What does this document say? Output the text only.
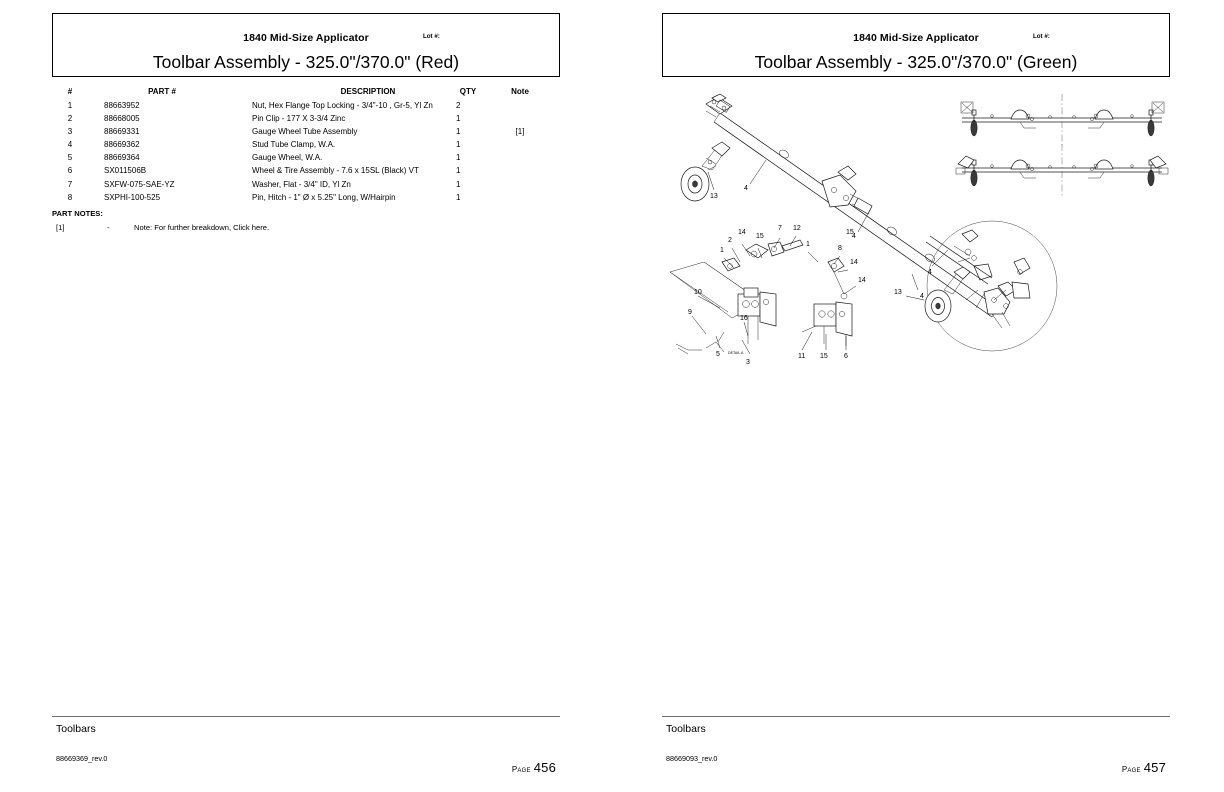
1840 Mid-Size Applicator	Lot #:
Toolbar Assembly - 325.0"/370.0" (Red)
#	PART #	DESCRIPTION	QTY	Note
1	88663952	Nut, Hex Flange Top Locking - 3/4"-10 , Gr-5, Yl Zn	2
2	88668005	Pin Clip - 177 X 3-3/4 Zinc	1
3	88669331	Gauge Wheel Tube Assembly	1	[1]
4	88669362	Stud Tube Clamp, W.A.	1
5	88669364	Gauge Wheel, W.A.	1
6	SX011506B	Wheel & Tire Assembly - 7.6 x 15SL (Black) VT	1
7	SXFW-075-SAE-YZ	Washer, Flat - 3/4" ID, Yl Zn	1
8	SXPHI-100-525	Pin, Hitch - 1" Ø x 5.25" Long, W/Hairpin	1
PART NOTES:
[1]	-	Note: For further breakdown, Click here.
Toolbars
88669369_rev.0
Page 456
1840 Mid-Size Applicator	Lot #:
Toolbar Assembly - 325.0"/370.0" (Green)
DETAIL A
4
13
4
4
14
15
7 12
2
1
1
8
14
14
10
16
9
5
3
11 15 6
4
13
15
Toolbars
88669093_rev.0
Page 457
